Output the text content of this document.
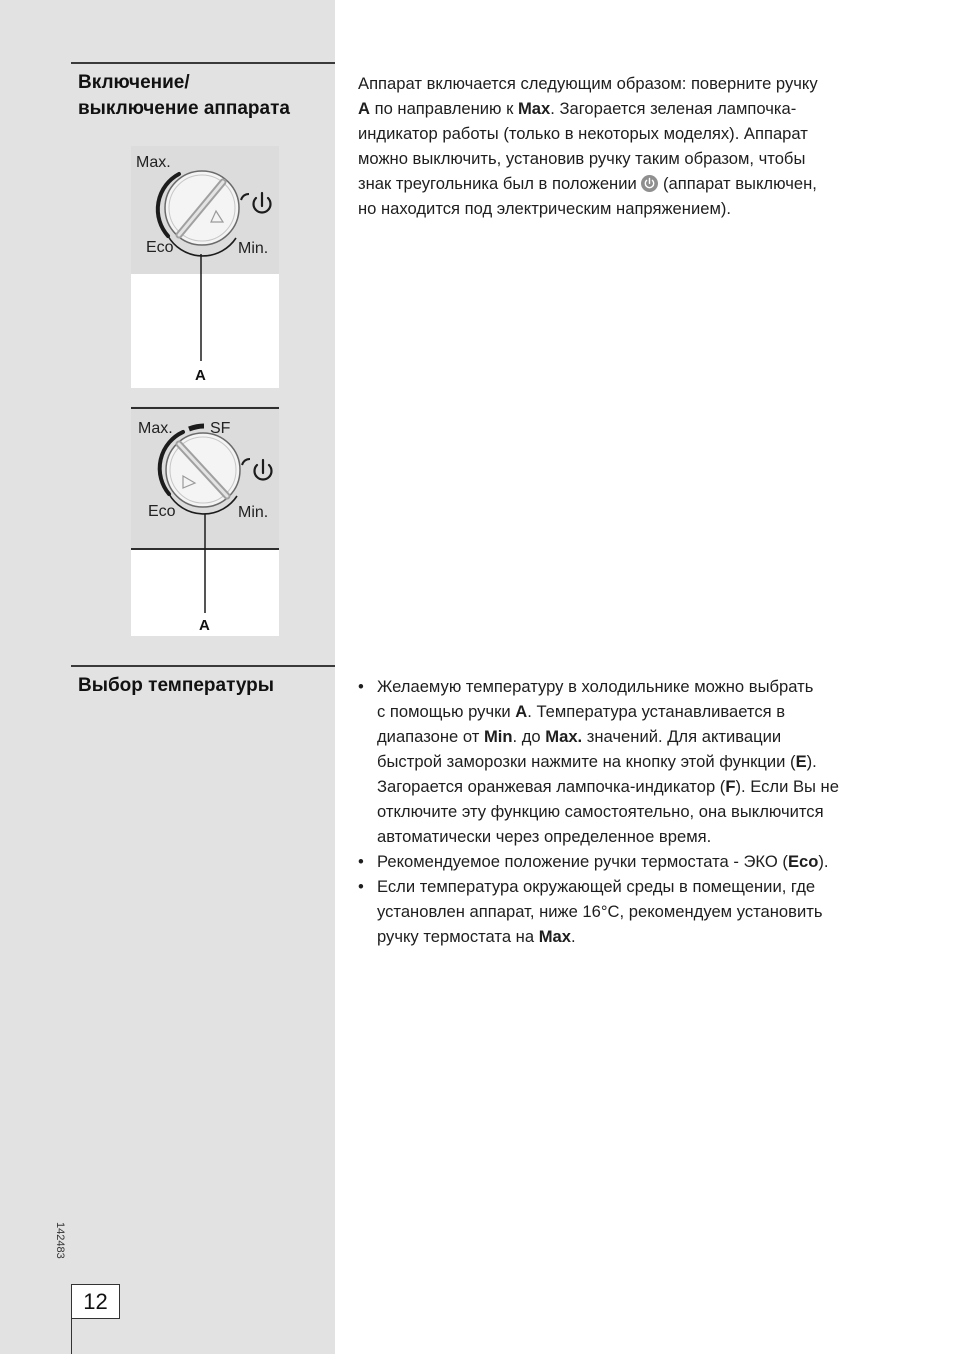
Включение/
выключение аппарата

Аппарат включается следующим образом: поверните ручку
A по направлению к Max. Загорается зеленая лампочка-
индикатор работы (только в некоторых моделях). Аппарат
можно выключить, установив ручку таким образом, чтобы
знак треугольника был в положении
(аппарат выключен,
но находится под электрическим напряжением).

Max.
Eco	Min.
A
Max. SF
Eco	Min.
A
Выбор температуры
•	Желаемую температуру в холодильнике можно выбрать
с помощью ручки A. Температура устанавливается в
диапазоне от Min. до Max. значений. Для активации
быстрой заморозки нажмите на кнопку этой функции (E).
Загорается оранжевая лампочка-индикатор (F). Если Вы не
отключите эту функцию самостоятельно, она выключится
автоматически через определенное время.
• Рекомендуемое положение ручки термостата - ЭКО (Eco).
• Если температура окружающей среды в помещении, где
установлен аппарат, ниже 16°C, рекомендуем установить
ручку термостата на Max.
142483
12
